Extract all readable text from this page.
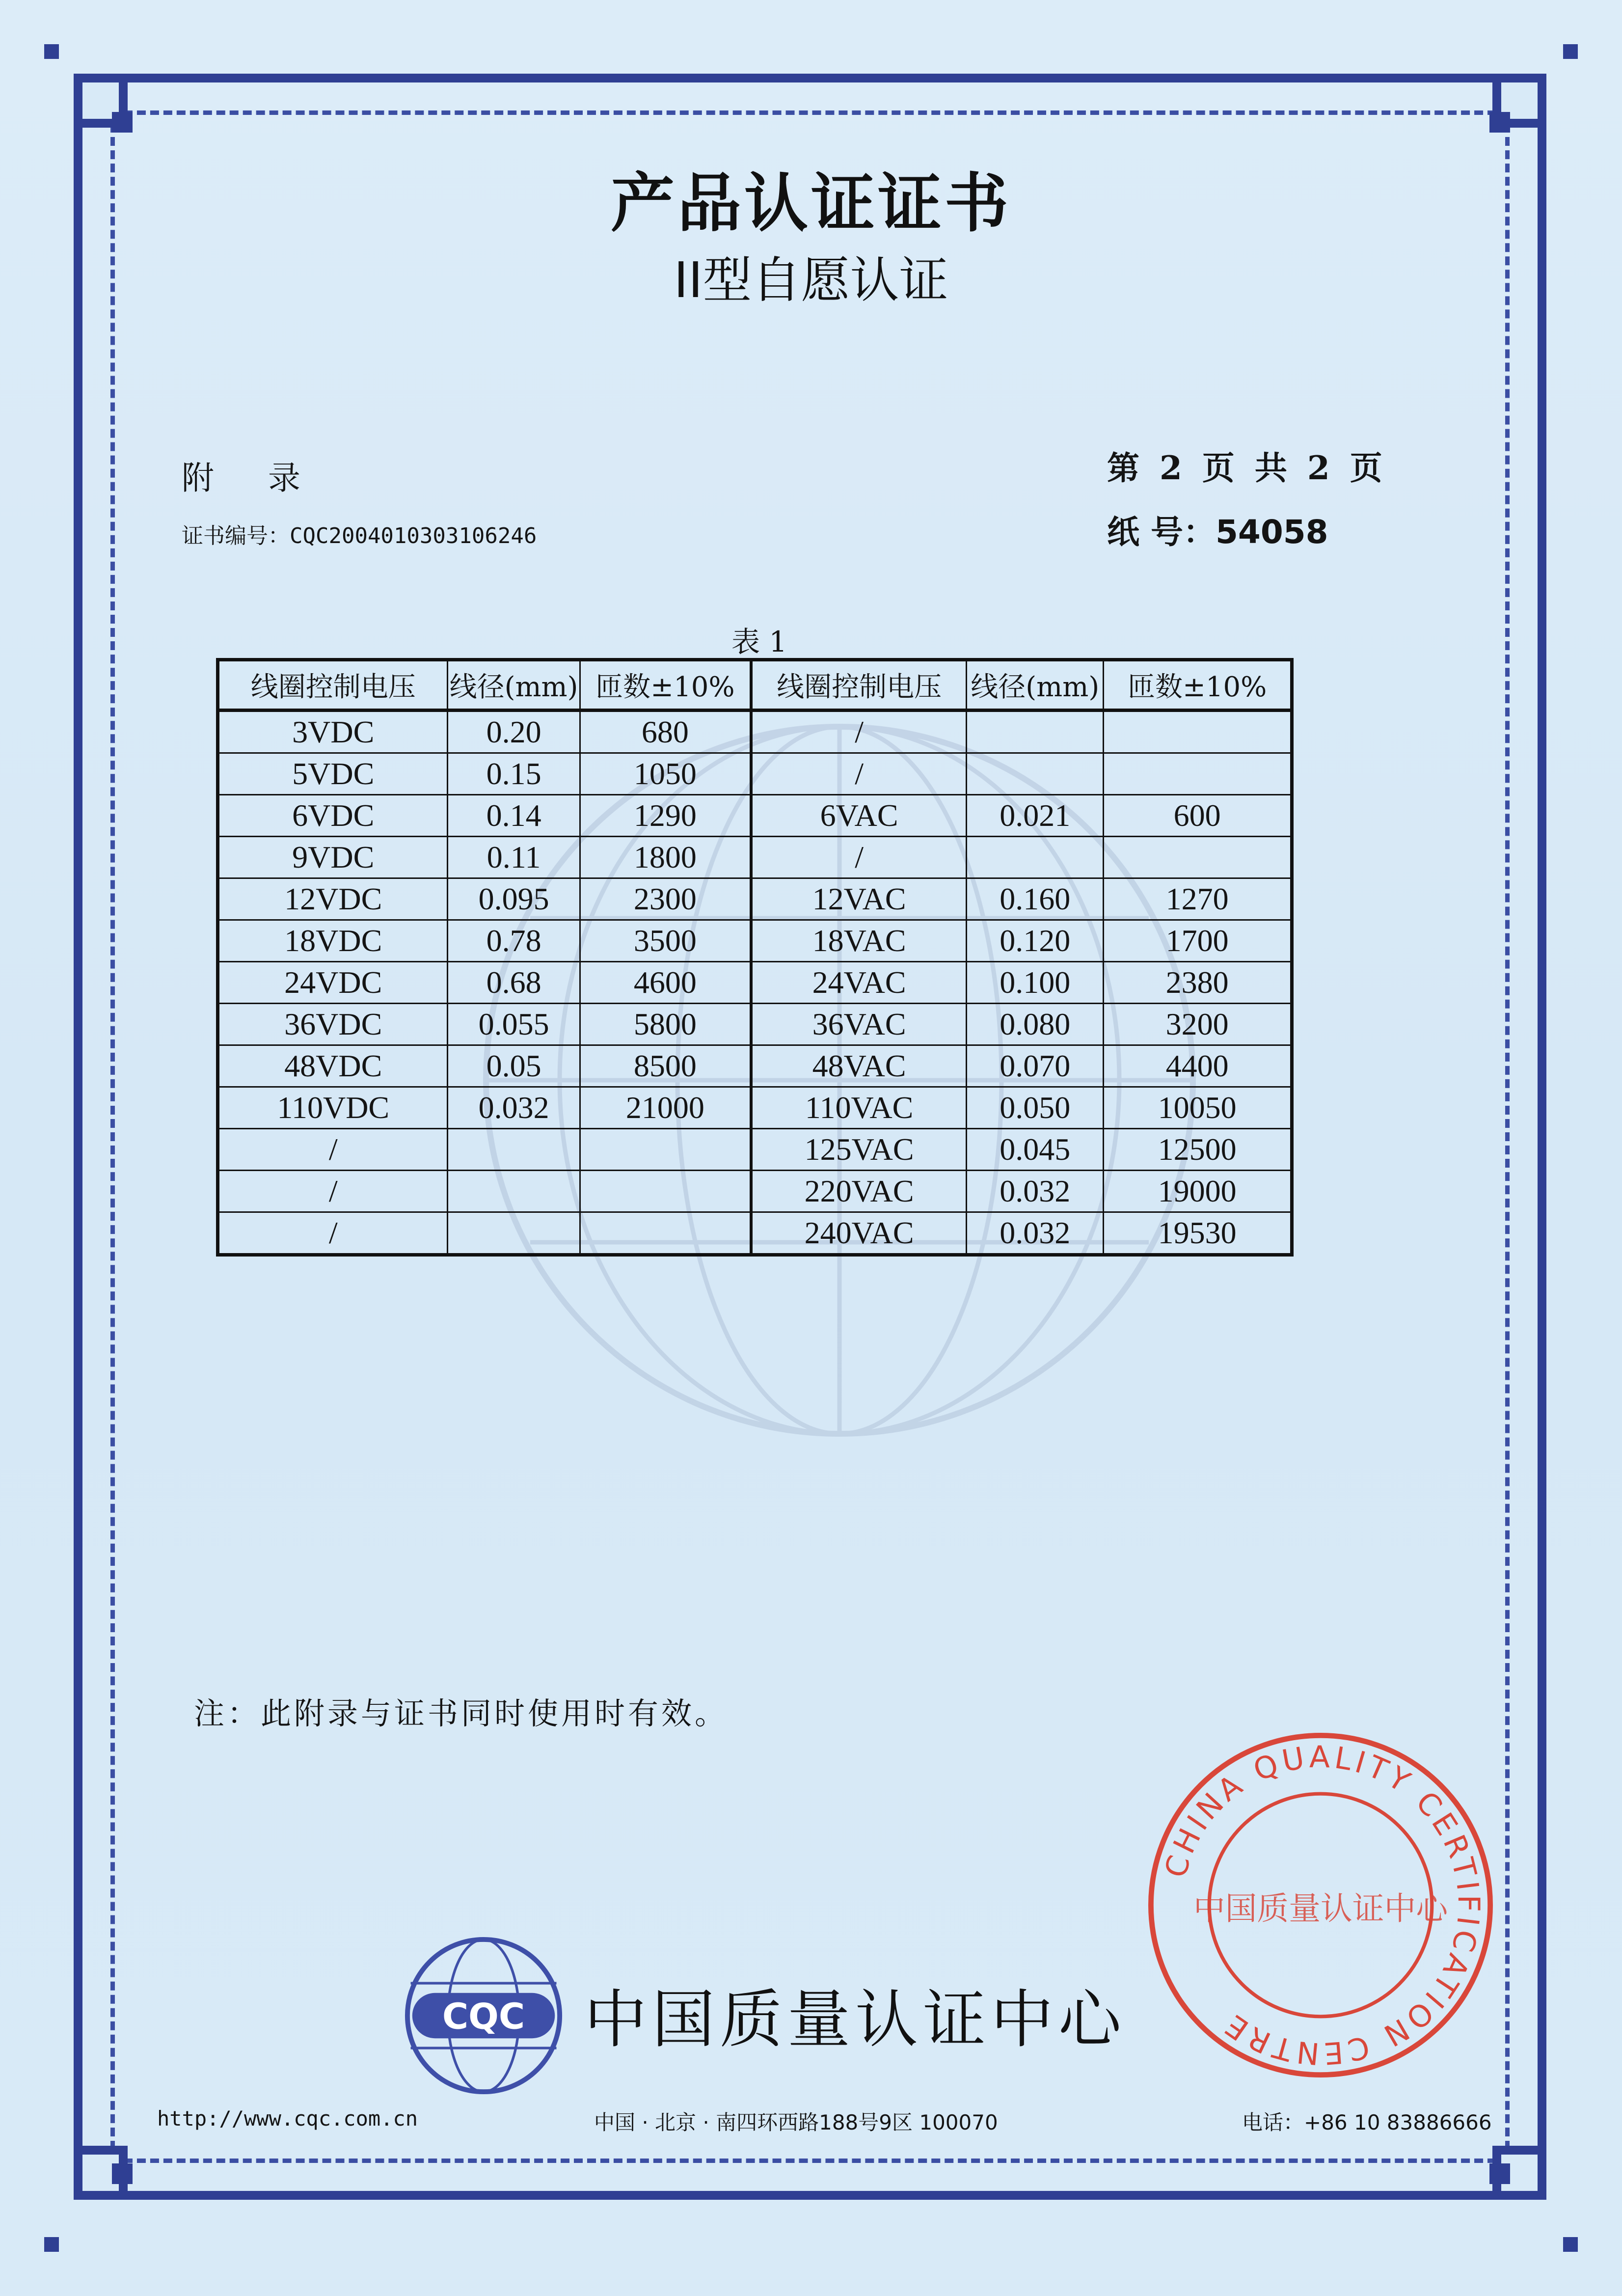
产品认证证书
II型自愿认证
附录
证书编号：CQC2004010303106246
第 2 页 共 2 页
纸 号：54058
表 1
线圈控制电压	线径(mm)	匝数±10%	线圈控制电压	线径(mm)	匝数±10%
3VDC	0.20	680	/		
5VDC	0.15	1050	/		
6VDC	0.14	1290	6VAC	0.021	600
9VDC	0.11	1800	/		
12VDC	0.095	2300	12VAC	0.160	1270
18VDC	0.78	3500	18VAC	0.120	1700
24VDC	0.68	4600	24VAC	0.100	2380
36VDC	0.055	5800	36VAC	0.080	3200
48VDC	0.05	8500	48VAC	0.070	4400
110VDC	0.032	21000	110VAC	0.050	10050
/			125VAC	0.045	12500
/			220VAC	0.032	19000
/			240VAC	0.032	19530
注：此附录与证书同时使用时有效。
CHINA QUALITY CERTIFICATION CENTRE
中国质量认证中心
CQC 中国质量认证中心
http://www.cqc.com.cn	中国 · 北京 · 南四环西路188号9区 100070	电话：+86 10 83886666
